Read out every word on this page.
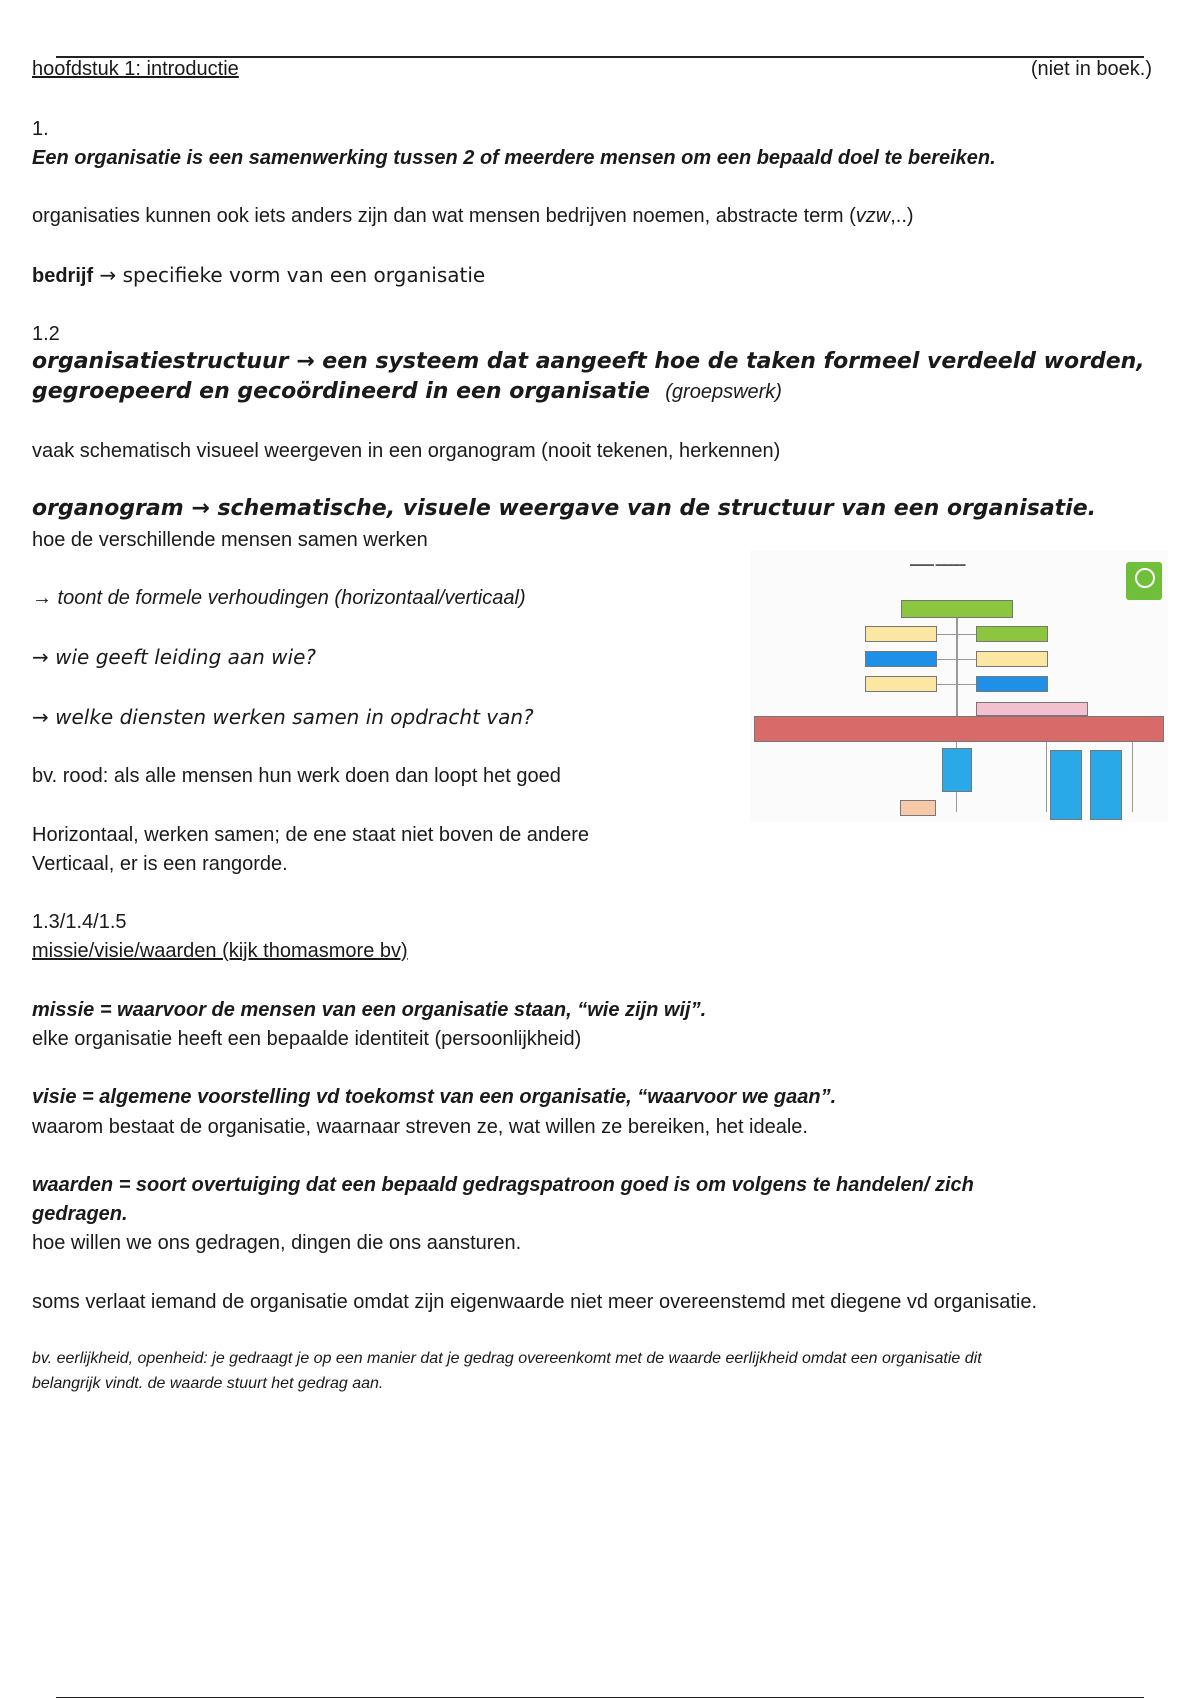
hoofdstuk 1: introductie	(niet in boek.)

1.

Een organisatie is een samenwerking tussen 2 of meerdere mensen om een bepaald doel te bereiken.

organisaties kunnen ook iets anders zijn dan wat mensen bedrijven noemen, abstracte term (vzw,..)

bedrijf → specifieke vorm van een organisatie

1.2

organisatiestructuur → een systeem dat aangeeft hoe de taken formeel verdeeld worden,

gegroepeerd en gecoördineerd in een organisatie (groepswerk)

vaak schematisch visueel weergeven in een organogram (nooit tekenen, herkennen)

organogram → schematische, visuele weergave van de structuur van een organisatie.

hoe de verschillende mensen samen werken

→ toont de formele verhoudingen (horizontaal/verticaal)

→ wie geeft leiding aan wie?

→ welke diensten werken samen in opdracht van?

bv. rood: als alle mensen hun werk doen dan loopt het goed

Horizontaal, werken samen; de ene staat niet boven de andere

Verticaal, er is een rangorde.

1.3/1.4/1.5

missie/visie/waarden (kijk thomasmore bv)

missie = waarvoor de mensen van een organisatie staan, “wie zijn wij”.

elke organisatie heeft een bepaalde identiteit (persoonlijkheid)

visie = algemene voorstelling vd toekomst van een organisatie, “waarvoor we gaan”.

waarom bestaat de organisatie, waarnaar streven ze, wat willen ze bereiken, het ideale.

waarden = soort overtuiging dat een bepaald gedragspatroon goed is om volgens te handelen/ zich

gedragen.

hoe willen we ons gedragen, dingen die ons aansturen.

soms verlaat iemand de organisatie omdat zijn eigenwaarde niet meer overeenstemd met diegene vd organisatie.

bv. eerlijkheid, openheid: je gedraagt je op een manier dat je gedrag overeenkomt met de waarde eerlijkheid omdat een organisatie dit

belangrijk vindt. de waarde stuurt het gedrag aan.

▬▬▬▬ ▬▬▬▬▬
